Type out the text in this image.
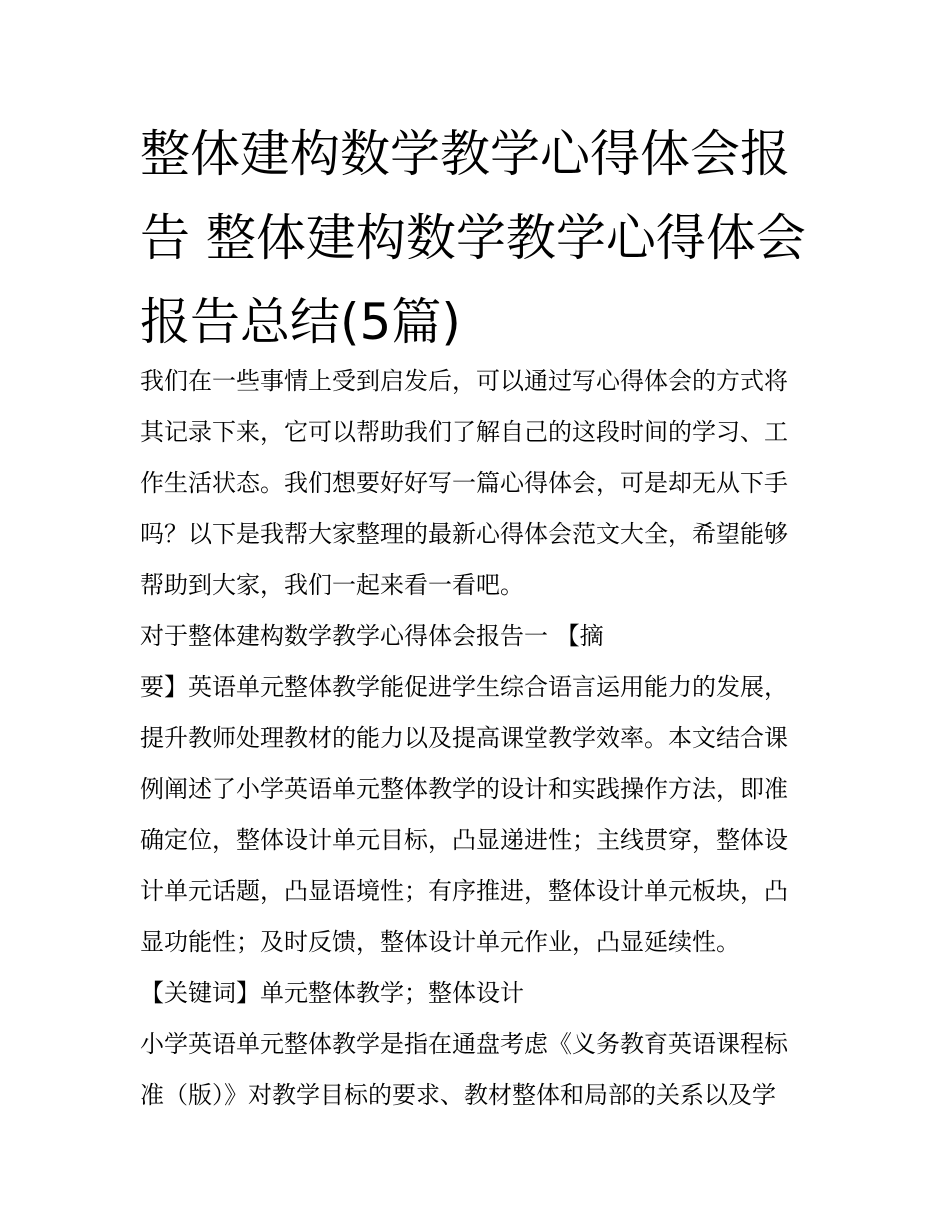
整体建构数学教学心得体会报
告 整体建构数学教学心得体会
报告总结(5篇)
我们在一些事情上受到启发后，可以通过写心得体会的方式将
其记录下来，它可以帮助我们了解自己的这段时间的学习、工
作生活状态。我们想要好好写一篇心得体会，可是却无从下手
吗？以下是我帮大家整理的最新心得体会范文大全，希望能够
帮助到大家，我们一起来看一看吧。
对于整体建构数学教学心得体会报告一 【摘
要】英语单元整体教学能促进学生综合语言运用能力的发展，
提升教师处理教材的能力以及提高课堂教学效率。本文结合课
例阐述了小学英语单元整体教学的设计和实践操作方法，即准
确定位，整体设计单元目标，凸显递进性；主线贯穿，整体设
计单元话题，凸显语境性；有序推进，整体设计单元板块，凸
显功能性；及时反馈，整体设计单元作业，凸显延续性。
【关键词】单元整体教学；整体设计
小学英语单元整体教学是指在通盘考虑《义务教育英语课程标
准（版）》对教学目标的要求、教材整体和局部的关系以及学
